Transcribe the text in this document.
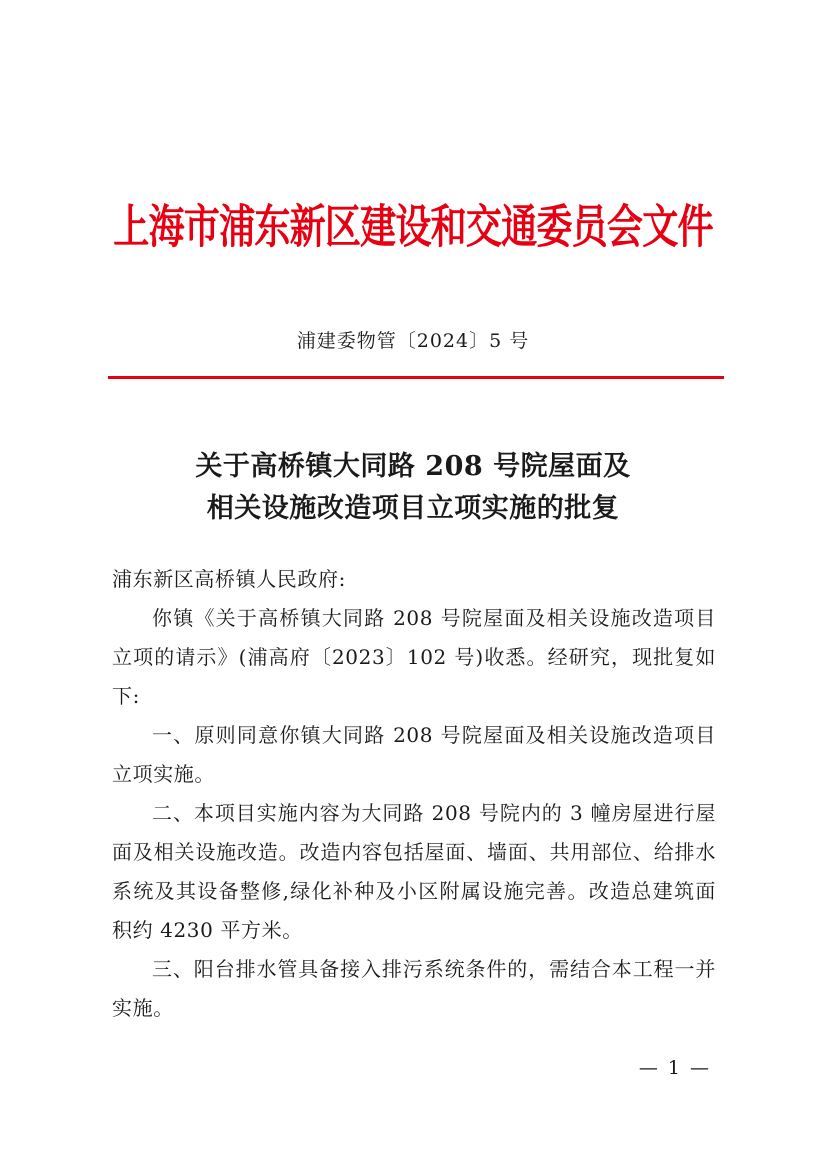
上海市浦东新区建设和交通委员会文件
浦建委物管〔2024〕5 号
关于高桥镇大同路 208 号院屋面及
相关设施改造项目立项实施的批复

浦东新区高桥镇人民政府:

你镇《关于高桥镇大同路 208 号院屋面及相关设施改造项目立项的请示》(浦高府〔2023〕102 号)收悉。经研究，现批复如下:

一、原则同意你镇大同路 208 号院屋面及相关设施改造项目立项实施。

二、本项目实施内容为大同路 208 号院内的 3 幢房屋进行屋面及相关设施改造。改造内容包括屋面、墙面、共用部位、给排水系统及其设备整修,绿化补种及小区附属设施完善。改造总建筑面积约 4230 平方米。

三、阳台排水管具备接入排污系统条件的，需结合本工程一并实施。

— 1 —
